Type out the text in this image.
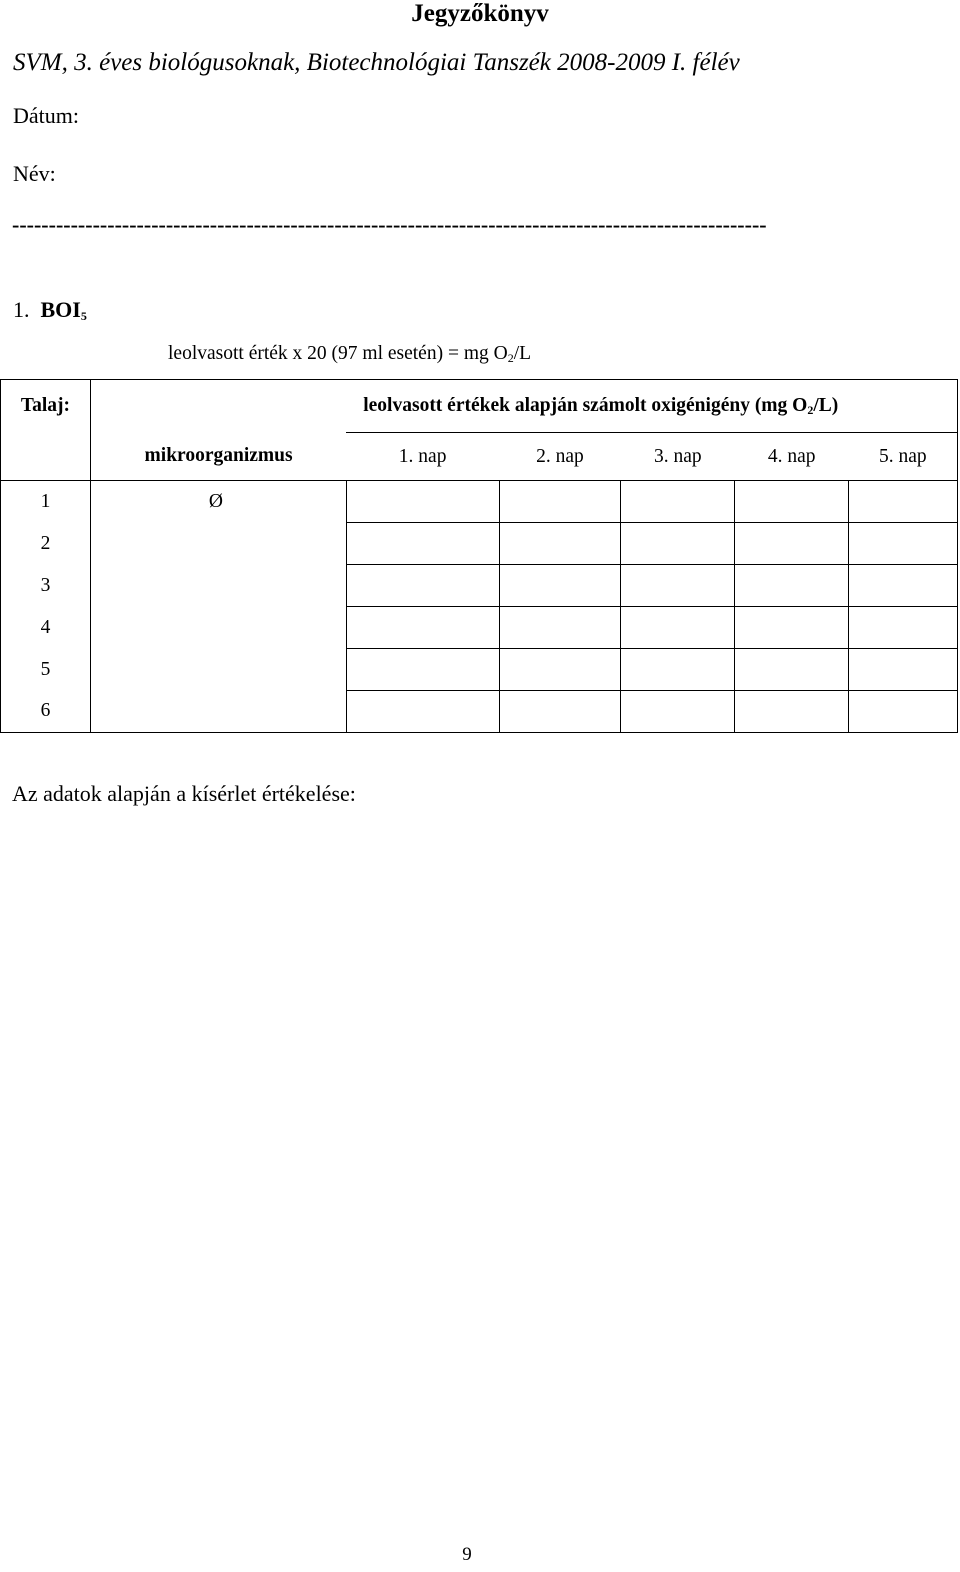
Jegyzőkönyv
SVM, 3. éves biológusoknak, Biotechnológiai Tanszék 2008-2009 I. félév
Dátum:
Név:
-------------------------------------------------------------------------------------------------------
1. $BOI_5$
leolvasott érték x 20 (97 ml esetén) = mg $O_2/L$
Talaj:		leolvasott értékek alapján számolt oxigénigény (mg $O_2/L$)				
	mikroorganizmus	1. nap	2. nap	3. nap	4. nap	5. nap
1	Ø					
2						
3						
4						
5						
6						
Az adatok alapján a kísérlet értékelése:
9
